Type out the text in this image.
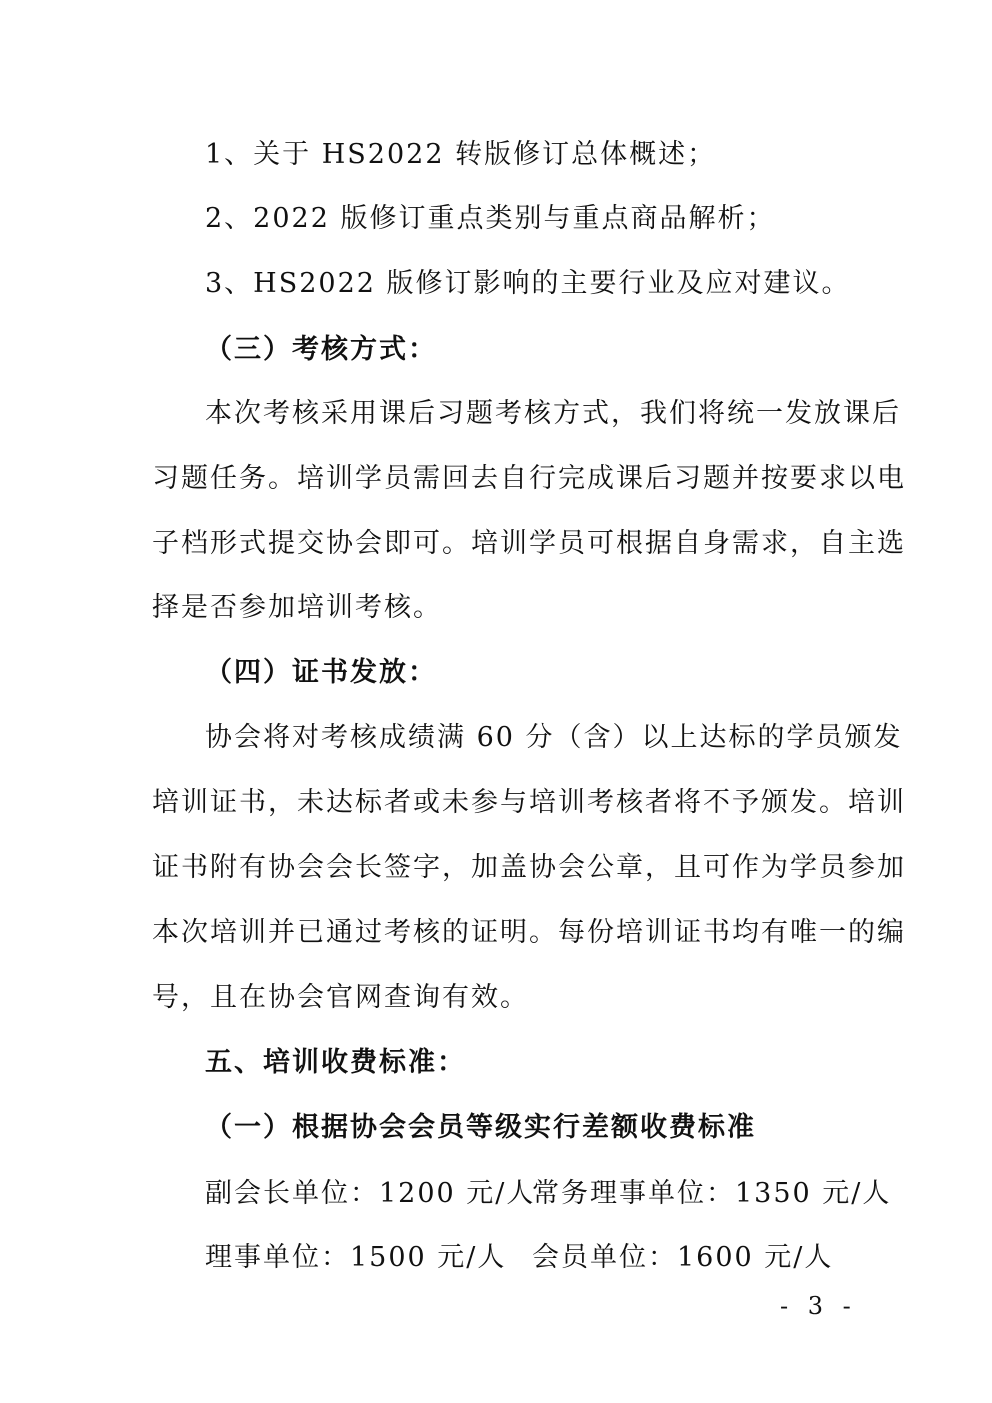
1、关于 HS2022 转版修订总体概述；
2、2022 版修订重点类别与重点商品解析；
3、HS2022 版修订影响的主要行业及应对建议。
（三）考核方式：
本次考核采用课后习题考核方式，我们将统一发放课后
习题任务。培训学员需回去自行完成课后习题并按要求以电
子档形式提交协会即可。培训学员可根据自身需求，自主选
择是否参加培训考核。
（四）证书发放：
协会将对考核成绩满 60 分（含）以上达标的学员颁发
培训证书，未达标者或未参与培训考核者将不予颁发。培训
证书附有协会会长签字，加盖协会公章，且可作为学员参加
本次培训并已通过考核的证明。每份培训证书均有唯一的编
号，且在协会官网查询有效。
五、培训收费标准：
（一）根据协会会员等级实行差额收费标准
副会长单位：1200 元/人
常务理事单位：1350 元/人
理事单位：1500 元/人 会员单位：1600 元/人
- 3 -
